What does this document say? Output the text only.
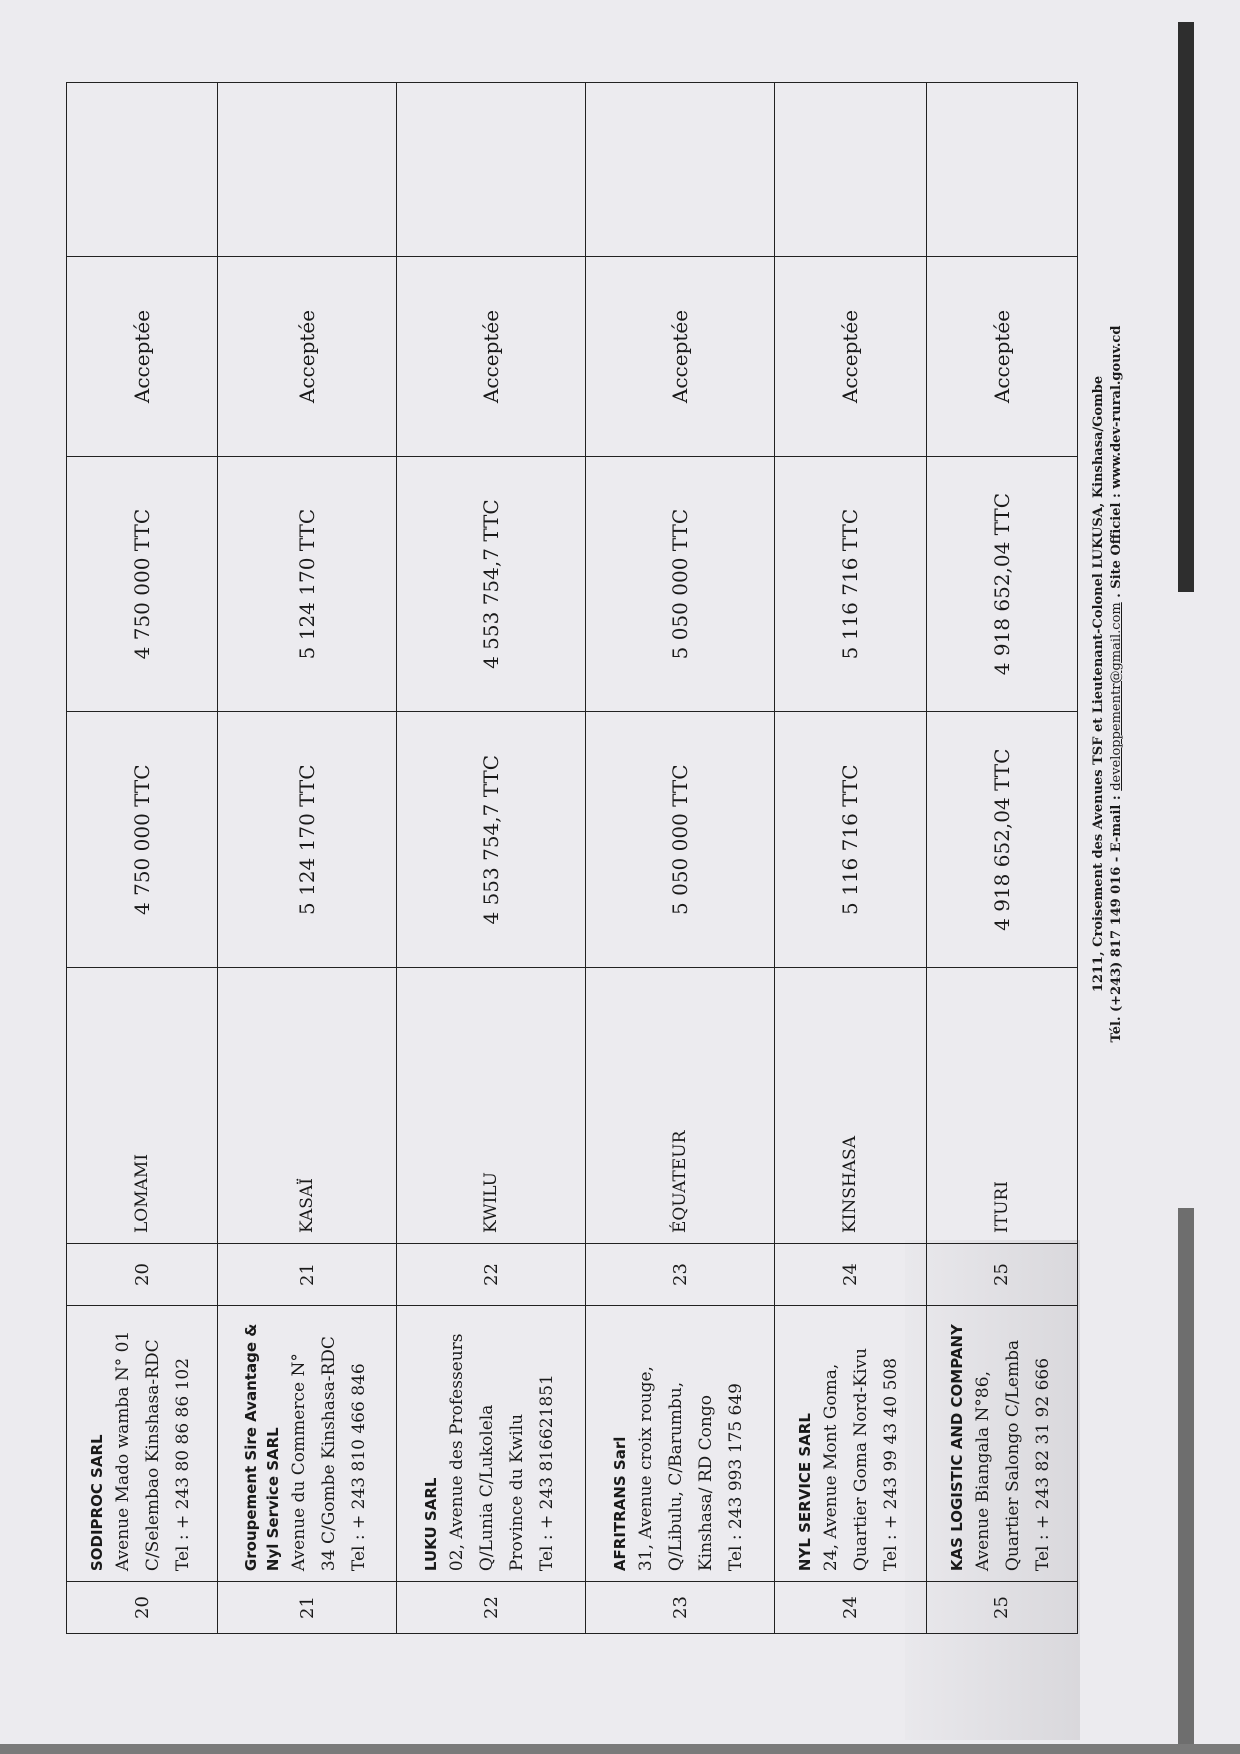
20	SODIPROC SARL Avenue Mado wamba N° 01 C/Selembao Kinshasa-RDC Tel : + 243 80 86 86 102	20	LOMAMI	4 750 000 TTC	4 750 000 TTC	Acceptée	
21	Groupement Sire Avantage & Nyl Service SARL Avenue du Commerce N° 34 C/Gombe Kinshasa-RDC Tel : + 243 810 466 846	21	KASAÏ	5 124 170 TTC	5 124 170 TTC	Acceptée	
22	LUKU SARL 02, Avenue des Professeurs Q/Lunia C/Lukolela Province du Kwilu Tel : + 243 816621851	22	KWILU	4 553 754,7 TTC	4 553 754,7 TTC	Acceptée	
23	AFRITRANS Sarl 31, Avenue croix rouge, Q/Libulu, C/Barumbu, Kinshasa/ RD Congo Tel : 243 993 175 649	23	ÉQUATEUR	5 050 000 TTC	5 050 000 TTC	Acceptée	
24	NYL SERVICE SARL 24, Avenue Mont Goma, Quartier Goma Nord-Kivu Tel : + 243 99 43 40 508	24	KINSHASA	5 116 716 TTC	5 116 716 TTC	Acceptée	
25	KAS LOGISTIC AND COMPANY Avenue Biangala N°86, Quartier Salongo C/Lemba Tel : + 243 82 31 92 666	25	ITURI	4 918 652,04 TTC	4 918 652,04 TTC	Acceptée	
1211, Croisement des Avenues TSF et Lieutenant-Colonel LUKUSA, Kinshasa/Gombe Tél. (+243) 817 149 016 - E-mail : developpementr@gmail.com . Site Officiel : www.dev-rural.gouv.cd
